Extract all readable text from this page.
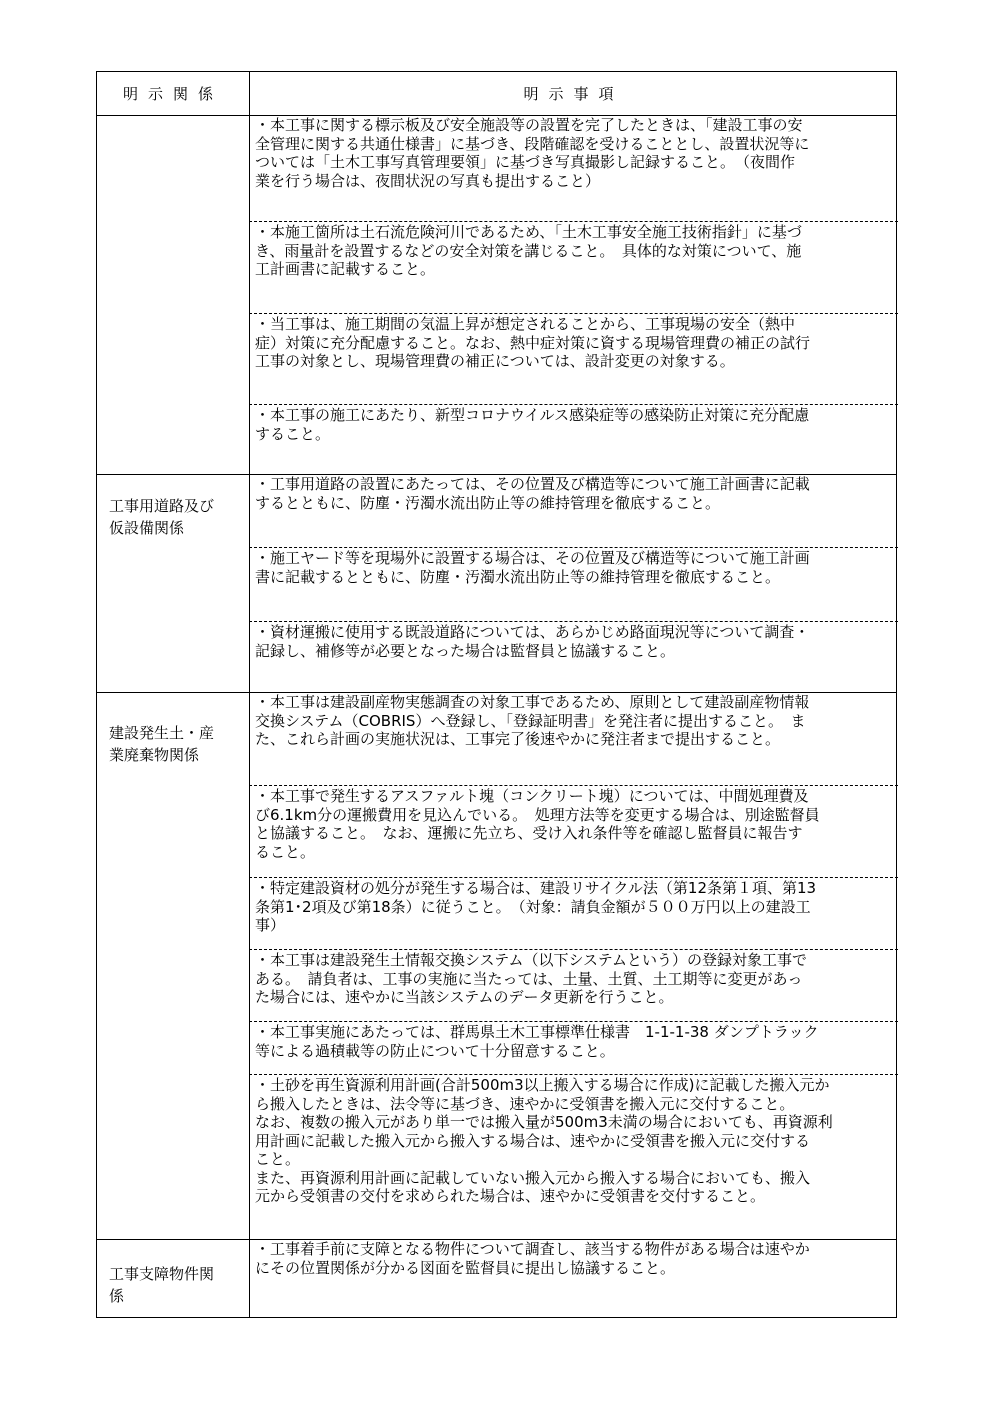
明示関係	明示事項
・本工事に関する標示板及び安全施設等の設置を完了したときは、「建設工事の安
全管理に関する共通仕様書」に基づき、段階確認を受けることとし、設置状況等に
ついては「土木工事写真管理要領」に基づき写真撮影し記録すること。　（夜間作
業を行う場合は、夜間状況の写真も提出すること）
・本施工箇所は土石流危険河川であるため、「土木工事安全施工技術指針」に基づ
き、雨量計を設置するなどの安全対策を講じること。　具体的な対策について、施
工計画書に記載すること。
・当工事は、施工期間の気温上昇が想定されることから、工事現場の安全（熱中
症）対策に充分配慮すること。なお、熱中症対策に資する現場管理費の補正の試行
工事の対象とし、現場管理費の補正については、設計変更の対象する。
・本工事の施工にあたり、新型コロナウイルス感染症等の感染防止対策に充分配慮
すること。
工事用道路及び
仮設備関係
・工事用道路の設置にあたっては、その位置及び構造等について施工計画書に記載
するとともに、防塵・汚濁水流出防止等の維持管理を徹底すること。
・施工ヤード等を現場外に設置する場合は、その位置及び構造等について施工計画
書に記載するとともに、防塵・汚濁水流出防止等の維持管理を徹底すること。
・資材運搬に使用する既設道路については、あらかじめ路面現況等について調査・
記録し、補修等が必要となった場合は監督員と協議すること。
建設発生土・産
業廃棄物関係
・本工事は建設副産物実態調査の対象工事であるため、原則として建設副産物情報
交換システム（COBRIS）へ登録し、「登録証明書」を発注者に提出すること。　ま
た、これら計画の実施状況は、工事完了後速やかに発注者まで提出すること。
・本工事で発生するアスファルト塊（コンクリート塊）については、中間処理費及
び6.1km分の運搬費用を見込んでいる。　処理方法等を変更する場合は、別途監督員
と協議すること。　なお、運搬に先立ち、受け入れ条件等を確認し監督員に報告す
ること。
・特定建設資材の処分が発生する場合は、建設リサイクル法（第12条第１項、第13
条第1･2項及び第18条）に従うこと。　（対象：請負金額が５００万円以上の建設工
事）
・本工事は建設発生土情報交換システム（以下システムという）の登録対象工事で
ある。　請負者は、工事の実施に当たっては、土量、土質、土工期等に変更があっ
た場合には、速やかに当該システムのデータ更新を行うこと。
・本工事実施にあたっては、群馬県土木工事標準仕様書　1-1-1-38 ダンプトラック
等による過積載等の防止について十分留意すること。
・土砂を再生資源利用計画(合計500m3以上搬入する場合に作成)に記載した搬入元か
ら搬入したときは、法令等に基づき、速やかに受領書を搬入元に交付すること。
なお、複数の搬入元があり単一では搬入量が500m3未満の場合においても、再資源利
用計画に記載した搬入元から搬入する場合は、速やかに受領書を搬入元に交付する
こと。
また、再資源利用計画に記載していない搬入元から搬入する場合においても、搬入
元から受領書の交付を求められた場合は、速やかに受領書を交付すること。
工事支障物件関
係
・工事着手前に支障となる物件について調査し、該当する物件がある場合は速やか
にその位置関係が分かる図面を監督員に提出し協議すること。
